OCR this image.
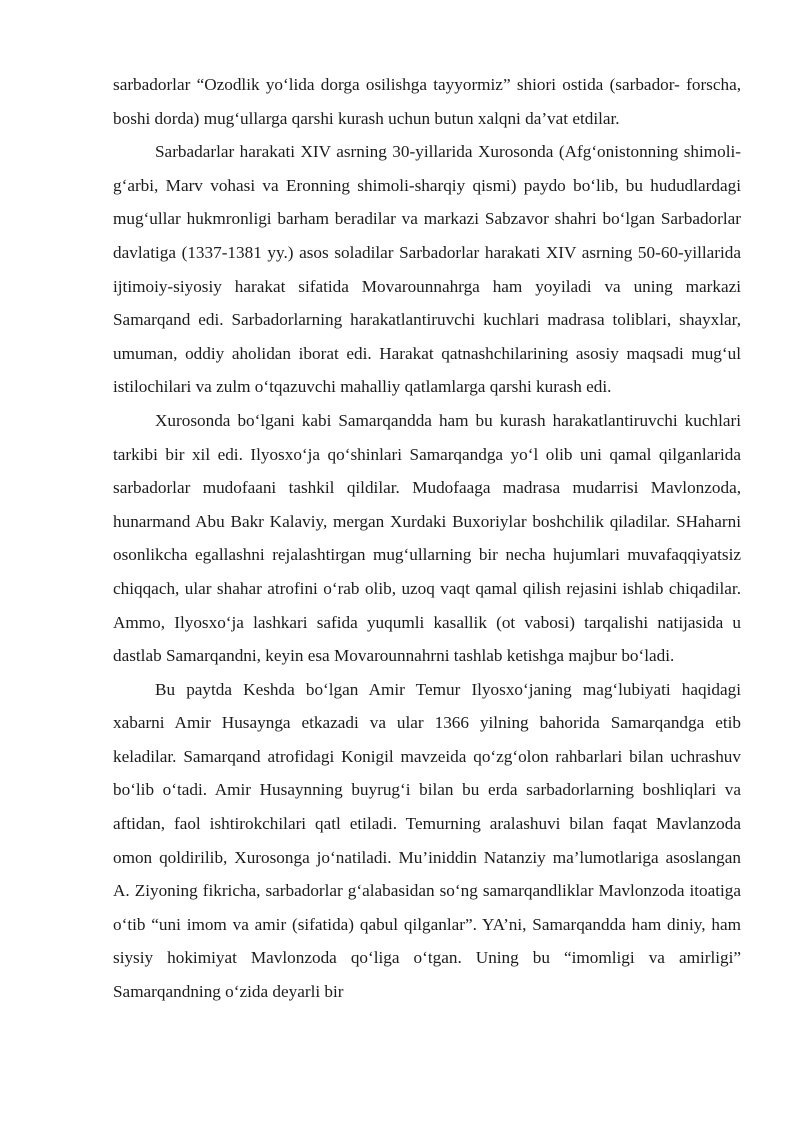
sarbadorlar “Ozodlik yo‘lida dorga osilishga tayyormiz” shiori ostida (sarbador- forscha, boshi dorda) mug‘ullarga qarshi kurash uchun butun xalqni da’vat etdilar.

Sarbadarlar harakati XIV asrning 30-yillarida Xurosonda (Afg‘onistonning shimoli-g‘arbi, Marv vohasi va Eronning shimoli-sharqiy qismi) paydo bo‘lib, bu hududlardagi mug‘ullar hukmronligi barham beradilar va markazi Sabzavor shahri bo‘lgan Sarbadorlar davlatiga (1337-1381 yy.) asos soladilar Sarbadorlar harakati XIV asrning 50-60-yillarida ijtimoiy-siyosiy harakat sifatida Movarounnahrga ham yoyiladi va uning markazi Samarqand edi. Sarbadorlarning harakatlantiruvchi kuchlari madrasa toliblari, shayxlar, umuman, oddiy aholidan iborat edi. Harakat qatnashchilarining asosiy maqsadi mug‘ul istilochilari va zulm o‘tqazuvchi mahalliy qatlamlarga qarshi kurash edi.

Xurosonda bo‘lgani kabi Samarqandda ham bu kurash harakatlantiruvchi kuchlari tarkibi bir xil edi. Ilyosxo‘ja qo‘shinlari Samarqandga yo‘l olib uni qamal qilganlarida sarbadorlar mudofaani tashkil qildilar. Mudofaaga madrasa mudarrisi Mavlonzoda, hunarmand Abu Bakr Kalaviy, mergan Xurdaki Buxoriylar boshchilik qiladilar. SHaharni osonlikcha egallashni rejalashtirgan mug‘ullarning bir necha hujumlari muvafaqqiyatsiz chiqqach, ular shahar atrofini o‘rab olib, uzoq vaqt qamal qilish rejasini ishlab chiqadilar. Ammo, Ilyosxo‘ja lashkari safida yuqumli kasallik (ot vabosi) tarqalishi natijasida u dastlab Samarqandni, keyin esa Movarounnahrni tashlab ketishga majbur bo‘ladi.

Bu paytda Keshda bo‘lgan Amir Temur Ilyosxo‘janing mag‘lubiyati haqidagi xabarni Amir Husaynga etkazadi va ular 1366 yilning bahorida Samarqandga etib keladilar. Samarqand atrofidagi Konigil mavzeida qo‘zg‘olon rahbarlari bilan uchrashuv bo‘lib o‘tadi. Amir Husaynning buyrug‘i bilan bu erda sarbadorlarning boshliqlari va aftidan, faol ishtirokchilari qatl etiladi. Temurning aralashuvi bilan faqat Mavlanzoda omon qoldirilib, Xurosonga jo‘natiladi. Mu’iniddin Natanziy ma’lumotlariga asoslangan A. Ziyoning fikricha, sarbadorlar g‘alabasidan so‘ng samarqandliklar Mavlonzoda itoatiga o‘tib “uni imom va amir (sifatida) qabul qilganlar”. YA’ni, Samarqandda ham diniy, ham siysiy hokimiyat Mavlonzoda qo‘liga o‘tgan. Uning bu “imomligi va amirligi” Samarqandning o‘zida deyarli bir
